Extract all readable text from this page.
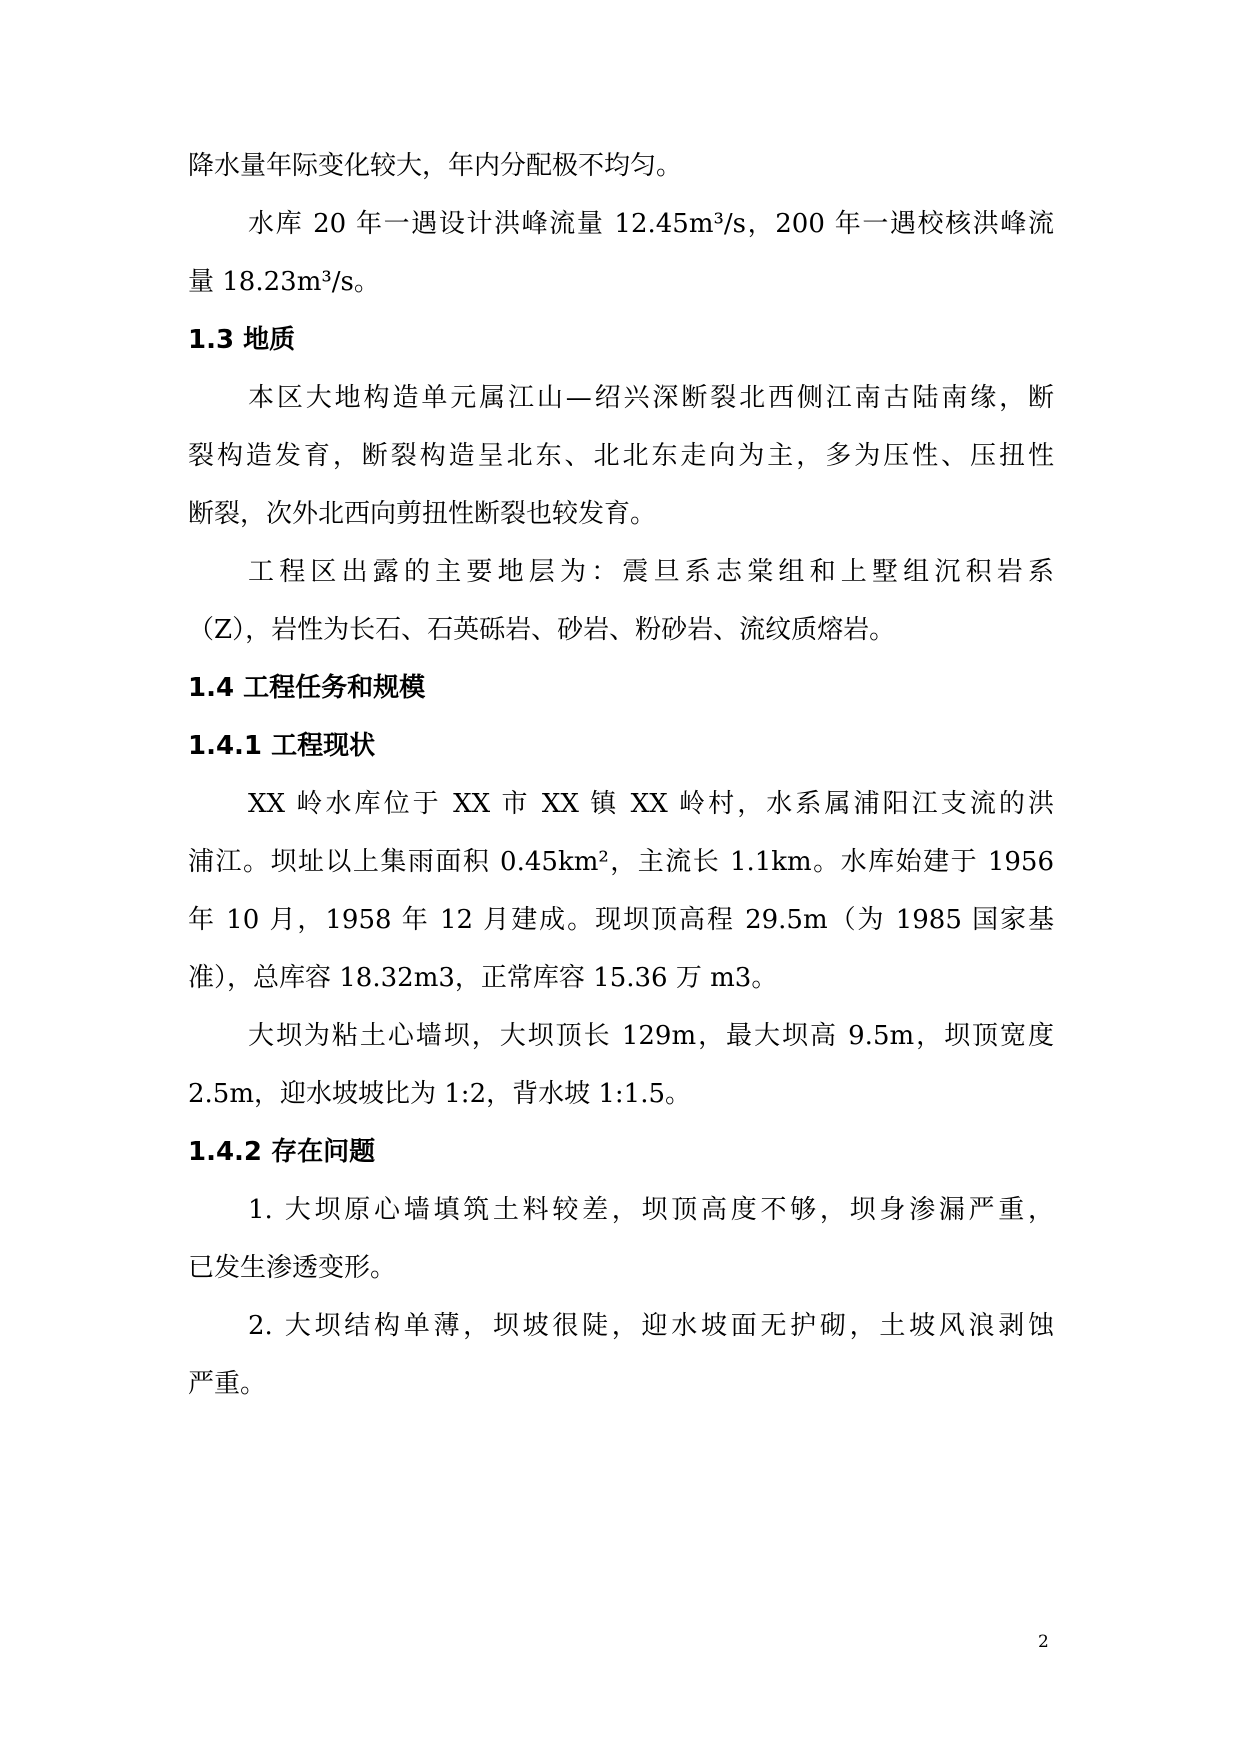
降水量年际变化较大，年内分配极不均匀。
水库 20 年一遇设计洪峰流量 12.45m³/s，200 年一遇校核洪峰流
量 18.23m³/s。
1.3 地质
本区大地构造单元属江山—绍兴深断裂北西侧江南古陆南缘，断
裂构造发育，断裂构造呈北东、北北东走向为主，多为压性、压扭性
断裂，次外北西向剪扭性断裂也较发育。
工程区出露的主要地层为：震旦系志棠组和上墅组沉积岩系
（Z），岩性为长石、石英砾岩、砂岩、粉砂岩、流纹质熔岩。
1.4 工程任务和规模
1.4.1 工程现状
XX 岭水库位于 XX 市 XX 镇 XX 岭村，水系属浦阳江支流的洪
浦江。坝址以上集雨面积 0.45km²，主流长 1.1km。水库始建于 1956
年 10 月，1958 年 12 月建成。现坝顶高程 29.5m（为 1985 国家基
准），总库容 18.32m3，正常库容 15.36 万 m3。
大坝为粘土心墙坝，大坝顶长 129m，最大坝高 9.5m，坝顶宽度
2.5m，迎水坡坡比为 1:2，背水坡 1:1.5。
1.4.2 存在问题
1. 大坝原心墙填筑土料较差，坝顶高度不够，坝身渗漏严重，
已发生渗透变形。
2. 大坝结构单薄，坝坡很陡，迎水坡面无护砌，土坡风浪剥蚀
严重。
2
